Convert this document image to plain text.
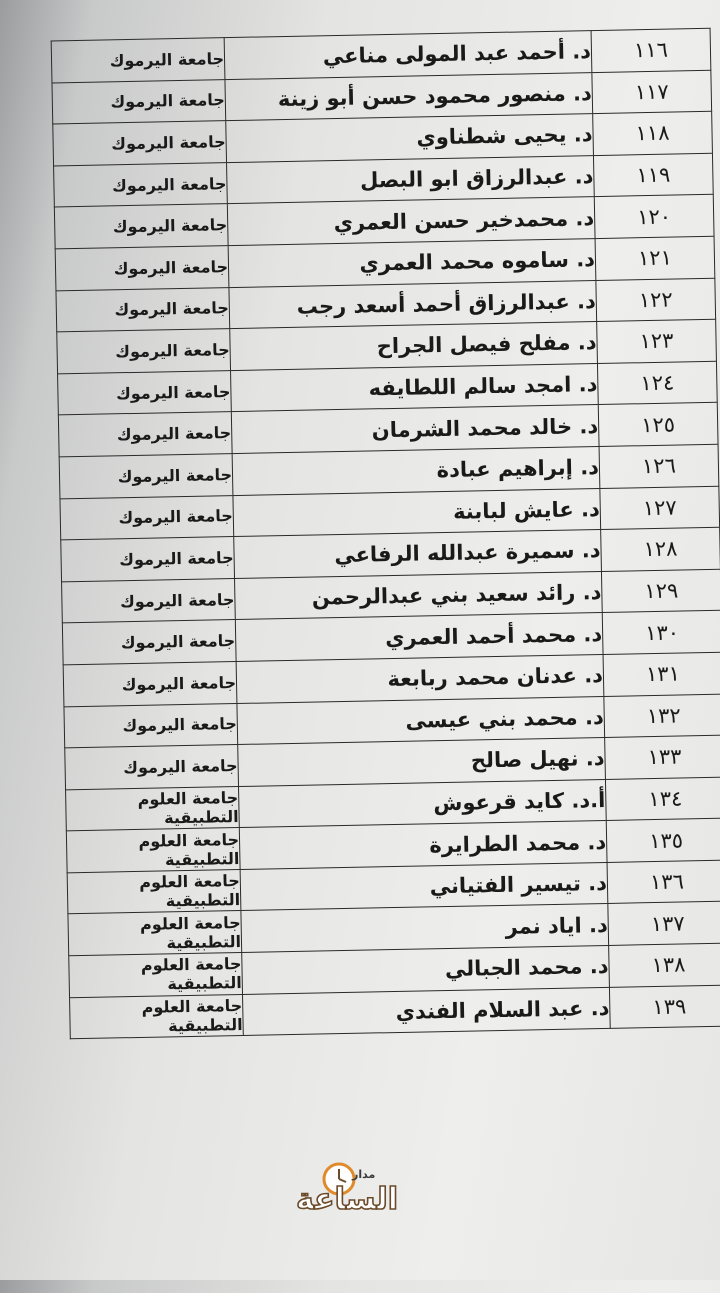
١١٦	د. أحمد عبد المولى مناعي	جامعة اليرموك
١١٧	د. منصور محمود حسن أبو زينة	جامعة اليرموك
١١٨	د. يحيى شطناوي	جامعة اليرموك
١١٩	د. عبدالرزاق ابو البصل	جامعة اليرموك
١٢٠	د. محمدخير حسن العمري	جامعة اليرموك
١٢١	د. ساموه محمد العمري	جامعة اليرموك
١٢٢	د. عبدالرزاق أحمد أسعد رجب	جامعة اليرموك
١٢٣	د. مفلح فيصل الجراح	جامعة اليرموك
١٢٤	د. امجد سالم اللطايفه	جامعة اليرموك
١٢٥	د. خالد محمد الشرمان	جامعة اليرموك
١٢٦	د. إبراهيم عبادة	جامعة اليرموك
١٢٧	د. عايش لبابنة	جامعة اليرموك
١٢٨	د. سميرة عبدالله الرفاعي	جامعة اليرموك
١٢٩	د. رائد سعيد بني عبدالرحمن	جامعة اليرموك
١٣٠	د. محمد أحمد العمري	جامعة اليرموك
١٣١	د. عدنان محمد ربابعة	جامعة اليرموك
١٣٢	د. محمد بني عيسى	جامعة اليرموك
١٣٣	د. نهيل صالح	جامعة اليرموك
١٣٤	أ.د. كايد قرعوش	جامعة العلوم التطبيقية
١٣٥	د. محمد الطرايرة	جامعة العلوم التطبيقية
١٣٦	د. تيسير الفتياني	جامعة العلوم التطبيقية
١٣٧	د. اياد نمر	جامعة العلوم التطبيقية
١٣٨	د. محمد الجبالي	جامعة العلوم التطبيقية
١٣٩	د. عبد السلام الفندي	جامعة العلوم التطبيقية
مدار
الساعة
